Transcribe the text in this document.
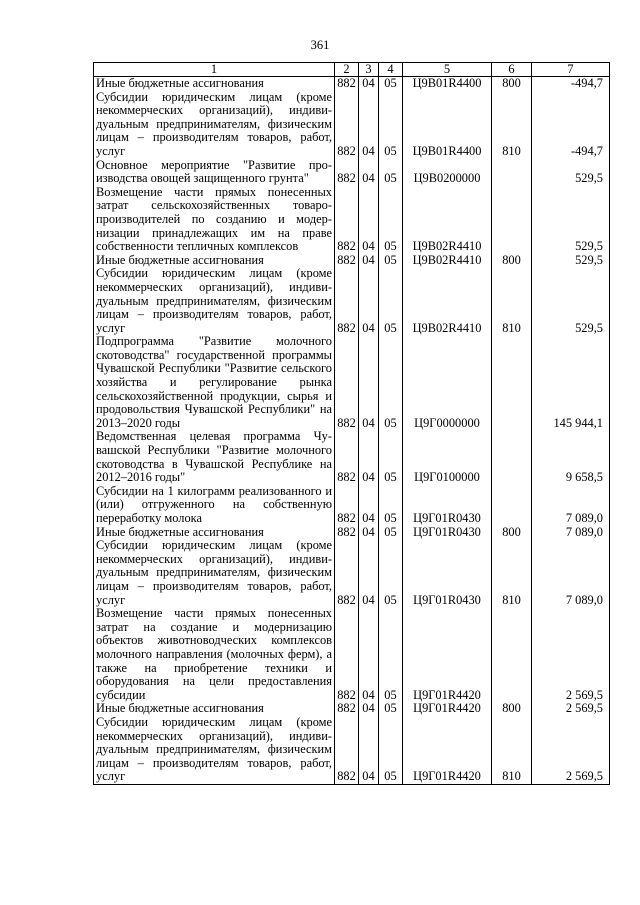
361
1	2	3	4	5	6	7
Иные бюджетные ассигнования	882	04	05	Ц9В01R4400	800	-494,7
Субсидии юридическим лицам (кроме некоммерческих организаций), индивидуальным предпринимателям, физическим лицам – производителям товаров, работ, услуг	882	04	05	Ц9В01R4400	810	-494,7
Основное мероприятие "Развитие производства овощей защищенного грунта"	882	04	05	Ц9В0200000		529,5
Возмещение части прямых понесенных затрат сельскохозяйственных товаропроизводителей по созданию и модернизации принадлежащих им на праве собственности тепличных комплексов	882	04	05	Ц9В02R4410		529,5
Иные бюджетные ассигнования	882	04	05	Ц9В02R4410	800	529,5
Субсидии юридическим лицам (кроме некоммерческих организаций), индивидуальным предпринимателям, физическим лицам – производителям товаров, работ, услуг	882	04	05	Ц9В02R4410	810	529,5
Подпрограмма "Развитие молочного скотоводства" государственной программы Чувашской Республики "Развитие сельского хозяйства и регулирование рынка сельскохозяйственной продукции, сырья и продовольствия Чувашской Республики" на 2013–2020 годы	882	04	05	Ц9Г0000000		145 944,1
Ведомственная целевая программа Чувашской Республики "Развитие молочного скотоводства в Чувашской Республике на 2012–2016 годы"	882	04	05	Ц9Г0100000		9 658,5
Субсидии на 1 килограмм реализованного и (или) отгруженного на собственную переработку молока	882	04	05	Ц9Г01R0430		7 089,0
Иные бюджетные ассигнования	882	04	05	Ц9Г01R0430	800	7 089,0
Субсидии юридическим лицам (кроме некоммерческих организаций), индивидуальным предпринимателям, физическим лицам – производителям товаров, работ, услуг	882	04	05	Ц9Г01R0430	810	7 089,0
Возмещение части прямых понесенных затрат на создание и модернизацию объектов животноводческих комплексов молочного направления (молочных ферм), а также на приобретение техники и оборудования на цели предоставления субсидии	882	04	05	Ц9Г01R4420		2 569,5
Иные бюджетные ассигнования	882	04	05	Ц9Г01R4420	800	2 569,5
Субсидии юридическим лицам (кроме некоммерческих организаций), индивидуальным предпринимателям, физическим лицам – производителям товаров, работ, услуг	882	04	05	Ц9Г01R4420	810	2 569,5
